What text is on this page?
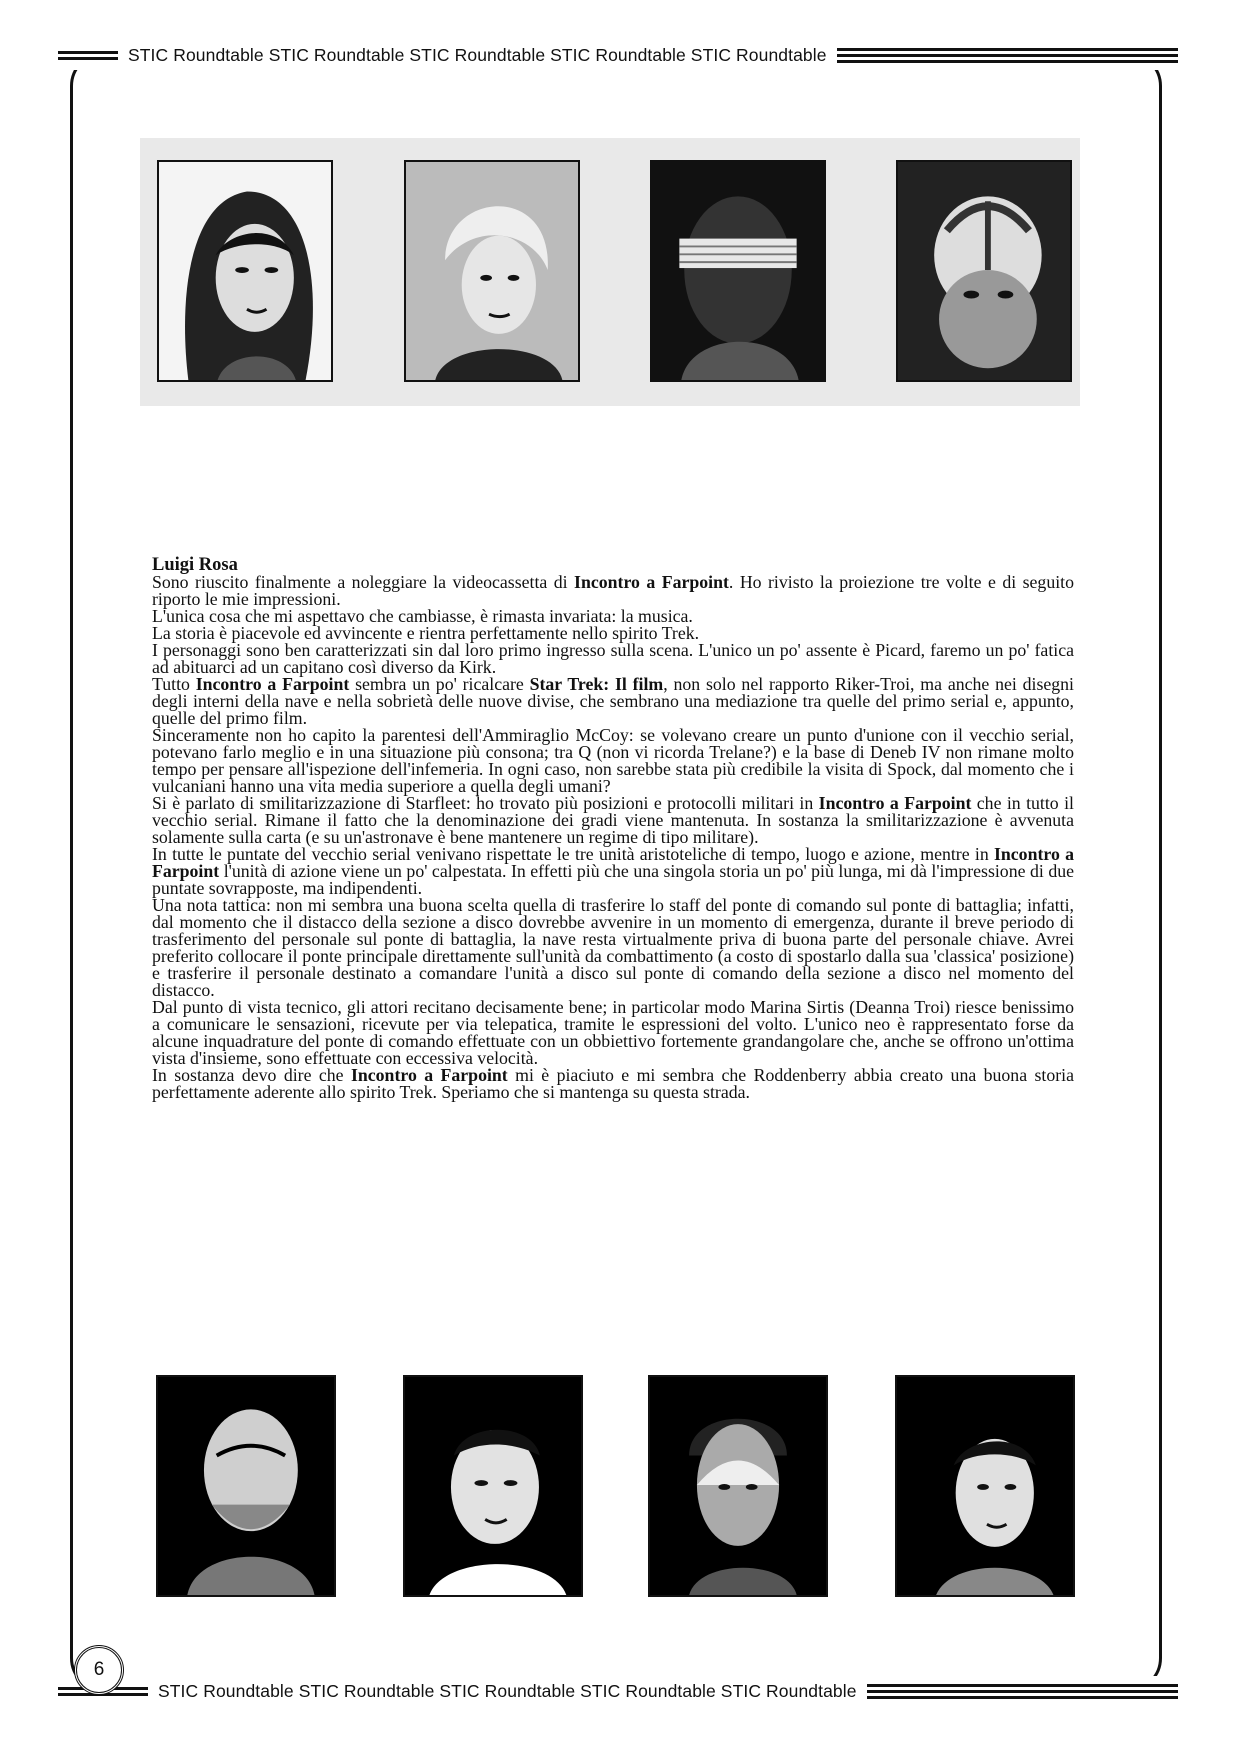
STIC Roundtable STIC Roundtable STIC Roundtable STIC Roundtable STIC Roundtable

Luigi Rosa

Sono riuscito finalmente a noleggiare la videocassetta di Incontro a Farpoint. Ho rivisto la proiezione tre volte e di seguito riporto le mie impressioni.

L'unica cosa che mi aspettavo che cambiasse, è rimasta invariata: la musica.

La storia è piacevole ed avvincente e rientra perfettamente nello spirito Trek.

I personaggi sono ben caratterizzati sin dal loro primo ingresso sulla scena. L'unico un po' assente è Picard, faremo un po' fatica ad abituarci ad un capitano così diverso da Kirk.

Tutto Incontro a Farpoint sembra un po' ricalcare Star Trek: Il film, non solo nel rapporto Riker-Troi, ma anche nei disegni degli interni della nave e nella sobrietà delle nuove divise, che sembrano una mediazione tra quelle del primo serial e, appunto, quelle del primo film.

Sinceramente non ho capito la parentesi dell'Ammiraglio McCoy: se volevano creare un punto d'unione con il vecchio serial, potevano farlo meglio e in una situazione più consona; tra Q (non vi ricorda Trelane?) e la base di Deneb IV non rimane molto tempo per pensare all'ispezione dell'infemeria. In ogni caso, non sarebbe stata più credibile la visita di Spock, dal momento che i vulcaniani hanno una vita media superiore a quella degli umani?

Si è parlato di smilitarizzazione di Starfleet: ho trovato più posizioni e protocolli militari in Incontro a Farpoint che in tutto il vecchio serial. Rimane il fatto che la denominazione dei gradi viene mantenuta. In sostanza la smilitarizzazione è avvenuta solamente sulla carta (e su un'astronave è bene mantenere un regime di tipo militare).

In tutte le puntate del vecchio serial venivano rispettate le tre unità aristoteliche di tempo, luogo e azione, mentre in Incontro a Farpoint l'unità di azione viene un po' calpestata. In effetti più che una singola storia un po' più lunga, mi dà l'impressione di due puntate sovrapposte, ma indipendenti.

Una nota tattica: non mi sembra una buona scelta quella di trasferire lo staff del ponte di comando sul ponte di battaglia; infatti, dal momento che il distacco della sezione a disco dovrebbe avvenire in un momento di emergenza, durante il breve periodo di trasferimento del personale sul ponte di battaglia, la nave resta virtualmente priva di buona parte del personale chiave. Avrei preferito collocare il ponte principale direttamente sull'unità da combattimento (a costo di spostarlo dalla sua 'classica' posizione) e trasferire il personale destinato a comandare l'unità a disco sul ponte di comando della sezione a disco nel momento del distacco.

Dal punto di vista tecnico, gli attori recitano decisamente bene; in particolar modo Marina Sirtis (Deanna Troi) riesce benissimo a comunicare le sensazioni, ricevute per via telepatica, tramite le espressioni del volto. L'unico neo è rappresentato forse da alcune inquadrature del ponte di comando effettuate con un obbiettivo fortemente grandangolare che, anche se offrono un'ottima vista d'insieme, sono effettuate con eccessiva velocità.

In sostanza devo dire che Incontro a Farpoint mi è piaciuto e mi sembra che Roddenberry abbia creato una buona storia perfettamente aderente allo spirito Trek. Speriamo che si mantenga su questa strada.

STIC Roundtable STIC Roundtable STIC Roundtable STIC Roundtable STIC Roundtable
6
